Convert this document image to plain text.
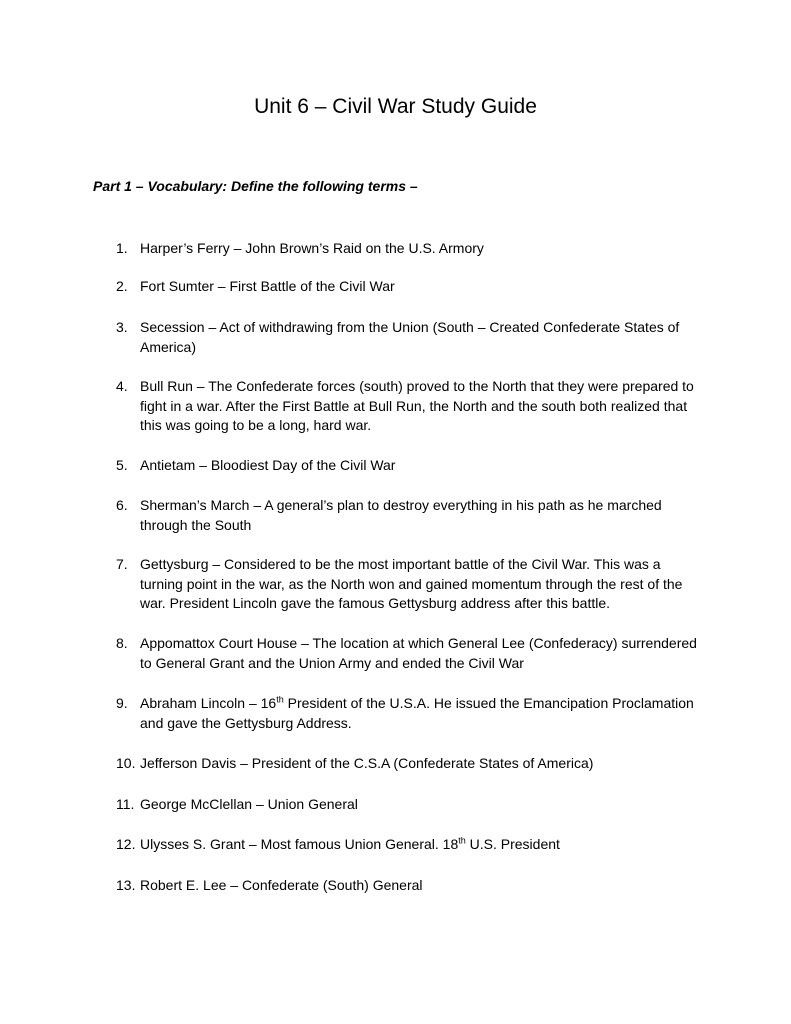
Unit 6 – Civil War Study Guide
Part 1 – Vocabulary: Define the following terms –
1. Harper’s Ferry – John Brown’s Raid on the U.S. Armory
2. Fort Sumter – First Battle of the Civil War
3. Secession – Act of withdrawing from the Union (South – Created Confederate States of America)
4. Bull Run – The Confederate forces (south) proved to the North that they were prepared to fight in a war. After the First Battle at Bull Run, the North and the south both realized that this was going to be a long, hard war.
5. Antietam – Bloodiest Day of the Civil War
6. Sherman’s March – A general’s plan to destroy everything in his path as he marched through the South
7. Gettysburg – Considered to be the most important battle of the Civil War. This was a turning point in the war, as the North won and gained momentum through the rest of the war. President Lincoln gave the famous Gettysburg address after this battle.
8. Appomattox Court House – The location at which General Lee (Confederacy) surrendered to General Grant and the Union Army and ended the Civil War
9. Abraham Lincoln – 16th President of the U.S.A. He issued the Emancipation Proclamation and gave the Gettysburg Address.
10. Jefferson Davis – President of the C.S.A (Confederate States of America)
11. George McClellan – Union General
12. Ulysses S. Grant – Most famous Union General. 18th U.S. President
13. Robert E. Lee – Confederate (South) General
